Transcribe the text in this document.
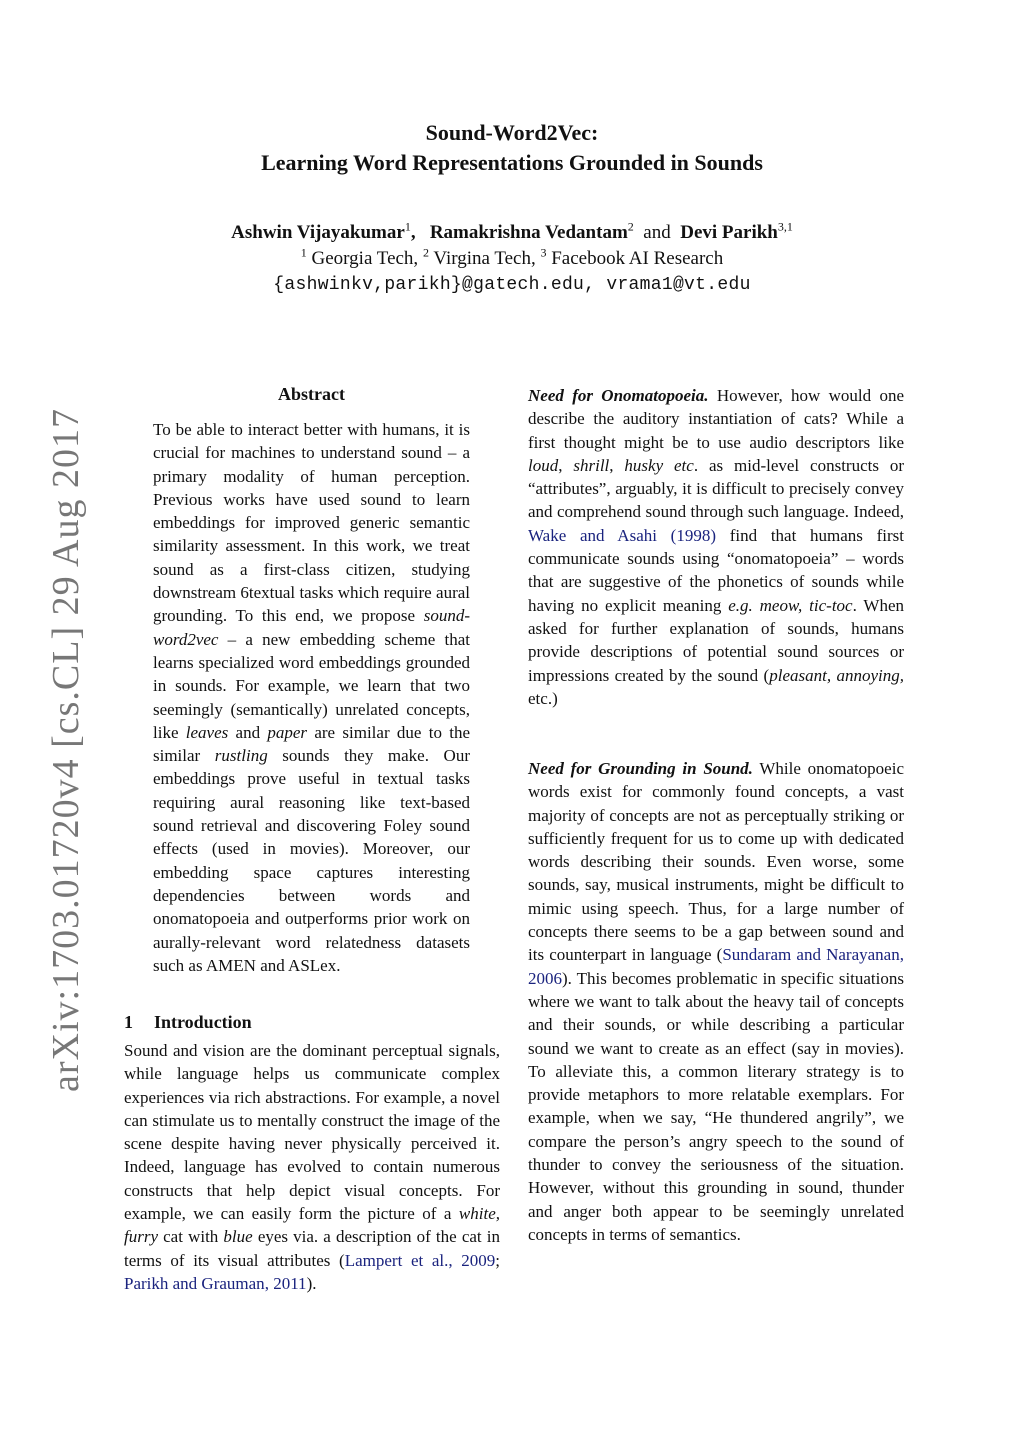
Sound-Word2Vec:
Learning Word Representations Grounded in Sounds
Ashwin Vijayakumar$^1$, Ramakrishna Vedantam$^2$ and Devi Parikh$^{3,1}$
$^1$ Georgia Tech, $^2$ Virgina Tech, $^3$ Facebook AI Research
{ashwinkv,parikh}@gatech.edu, vrama1@vt.edu
arXiv:1703.01720v4 [cs.CL] 29 Aug 2017
Abstract
To be able to interact better with humans, it is crucial for machines to understand sound – a primary modality of human perception. Previous works have used sound to learn embeddings for improved generic semantic similarity assessment. In this work, we treat sound as a first-class citizen, studying downstream 6textual tasks which require aural grounding. To this end, we propose sound-word2vec – a new embedding scheme that learns specialized word embeddings grounded in sounds. For example, we learn that two seemingly (semantically) unrelated concepts, like leaves and paper are similar due to the similar rustling sounds they make. Our embeddings prove useful in textual tasks requiring aural reasoning like text-based sound retrieval and discovering Foley sound effects (used in movies). Moreover, our embedding space captures interesting dependencies between words and onomatopoeia and outperforms prior work on aurally-relevant word relatedness datasets such as AMEN and ASLex.
1 Introduction
Sound and vision are the dominant perceptual signals, while language helps us communicate complex experiences via rich abstractions. For example, a novel can stimulate us to mentally construct the image of the scene despite having never physically perceived it. Indeed, language has evolved to contain numerous constructs that help depict visual concepts. For example, we can easily form the picture of a white, furry cat with blue eyes via. a description of the cat in terms of its visual attributes (Lampert et al., 2009; Parikh and Grauman, 2011).
Need for Onomatopoeia. However, how would one describe the auditory instantiation of cats? While a first thought might be to use audio descriptors like loud, shrill, husky etc. as mid-level constructs or “attributes”, arguably, it is difficult to precisely convey and comprehend sound through such language. Indeed, Wake and Asahi (1998) find that humans first communicate sounds using “onomatopoeia” – words that are suggestive of the phonetics of sounds while having no explicit meaning e.g. meow, tic-toc. When asked for further explanation of sounds, humans provide descriptions of potential sound sources or impressions created by the sound (pleasant, annoying, etc.)
Need for Grounding in Sound. While onomatopoeic words exist for commonly found concepts, a vast majority of concepts are not as perceptually striking or sufficiently frequent for us to come up with dedicated words describing their sounds. Even worse, some sounds, say, musical instruments, might be difficult to mimic using speech. Thus, for a large number of concepts there seems to be a gap between sound and its counterpart in language (Sundaram and Narayanan, 2006). This becomes problematic in specific situations where we want to talk about the heavy tail of concepts and their sounds, or while describing a particular sound we want to create as an effect (say in movies). To alleviate this, a common literary strategy is to provide metaphors to more relatable exemplars. For example, when we say, “He thundered angrily”, we compare the person’s angry speech to the sound of thunder to convey the seriousness of the situation. However, without this grounding in sound, thunder and anger both appear to be seemingly unrelated concepts in terms of semantics.
